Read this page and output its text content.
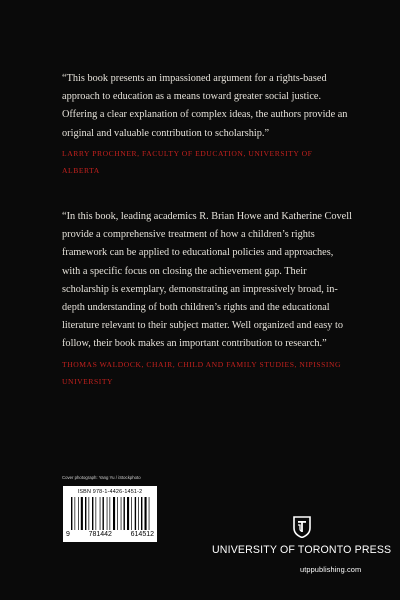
“This book presents an impassioned argument for a rights-based approach to education as a means toward greater social justice. Offering a clear explanation of complex ideas, the authors provide an original and valuable contribution to scholarship.”

LARRY PROCHNER, FACULTY OF EDUCATION, UNIVERSITY OF ALBERTA

“In this book, leading academics R. Brian Howe and Katherine Covell provide a comprehensive treatment of how a children’s rights framework can be applied to educational policies and approaches, with a specific focus on closing the achievement gap. Their scholarship is exemplary, demonstrating an impressively broad, in-depth understanding of both children’s rights and the educational literature relevant to their subject matter. Well organized and easy to follow, their book makes an important contribution to research.”

THOMAS WALDOCK, CHAIR, CHILD AND FAMILY STUDIES, NIPISSING UNIVERSITY
Cover photograph: Yang Yu / iStockphoto
ISBN 978-1-4426-1451-2
9	781442	614512
UNIVERSITY OF TORONTO PRESS
utppublishing.com
